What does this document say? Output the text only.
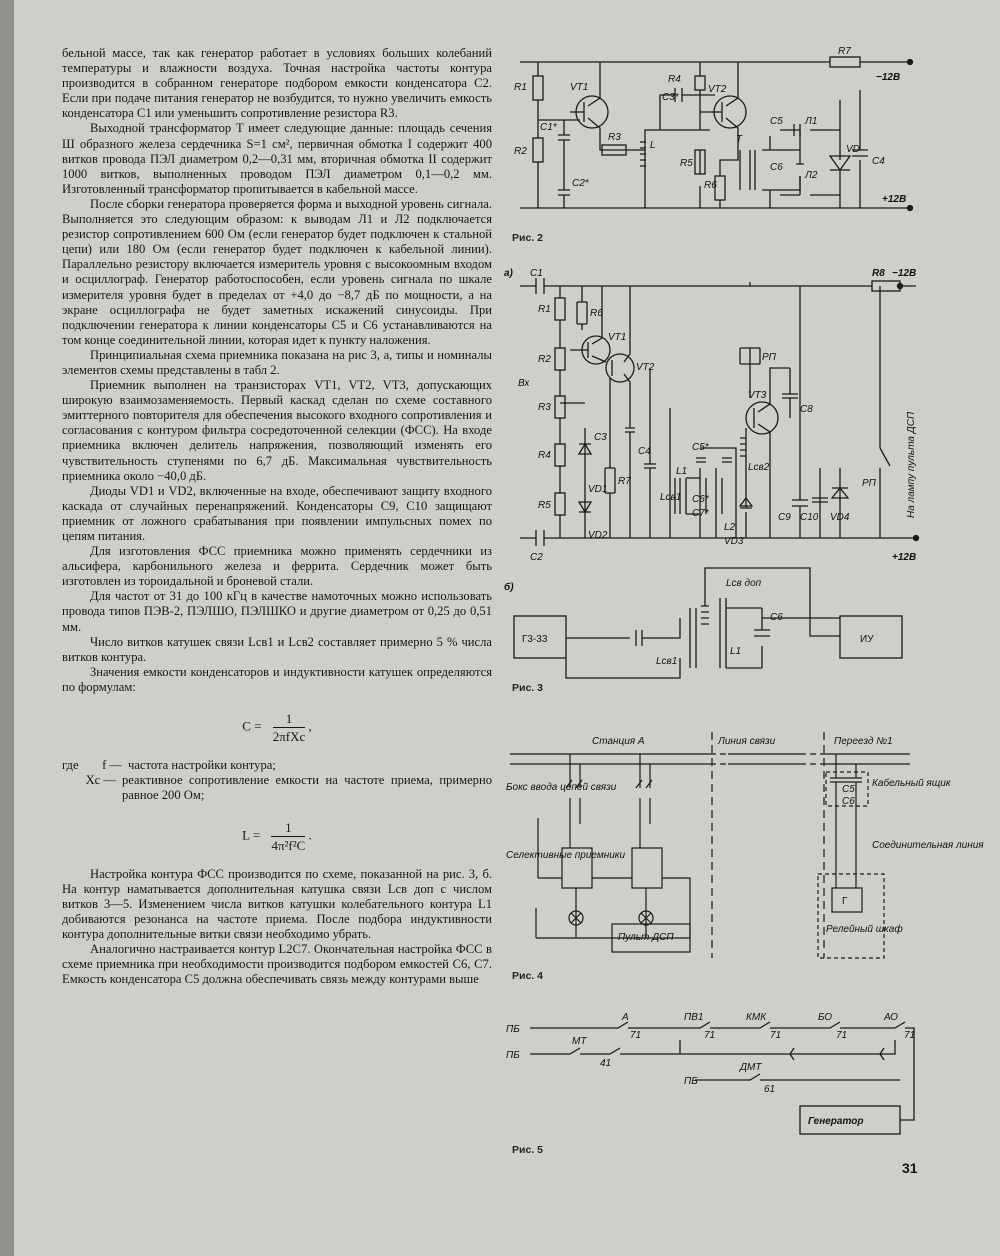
бельной массе, так как генератор работает в условиях больших колебаний температуры и влажности воздуха. Точная настройка частоты контура производится в собранном генераторе подбором емкости конденсатора C2. Если при подаче питания генератор не возбудится, то нужно увеличить емкость конденсатора C1 или уменьшить сопротивление резистора R3.

Выходной трансформатор T имеет следующие данные: площадь сечения Ш образного железа сердечника S=1 см², первичная обмотка I содержит 400 витков провода ПЭЛ диаметром 0,2—0,31 мм, вторичная обмотка II содержит 1000 витков, выполненных проводом ПЭЛ диаметром 0,1—0,2 мм. Изготовленный трансформатор пропитывается в кабельной массе.

После сборки генератора проверяется форма и выходной уровень сигнала. Выполняется это следующим образом: к выводам Л1 и Л2 подключается резистор сопротивлением 600 Ом (если генератор будет подключен к стальной цепи) или 180 Ом (если генератор будет подключен к кабельной линии). Параллельно резистору включается измеритель уровня с высокоомным входом и осциллограф. Генератор работоспособен, если уровень сигнала по шкале измерителя уровня будет в пределах от +4,0 до −8,7 дБ по мощности, а на экране осциллографа не будет заметных искажений синусоиды. При подключении генератора к линии конденсаторы C5 и C6 устанавливаются на том конце соединительной линии, которая идет к пункту наложения.

Принципиальная схема приемника показана на рис 3, а, типы и номиналы элементов схемы представлены в табл 2.

Приемник выполнен на транзисторах VT1, VT2, VT3, допускающих широкую взаимозаменяемость. Первый каскад сделан по схеме составного эмиттерного повторителя для обеспечения высокого входного сопротивления и согласования с контуром фильтра сосредоточенной селекции (ФСС). На входе приемника включен делитель напряжения, позволяющий изменять его чувствительность ступенями по 6,7 дБ. Максимальная чувствительность приемника около −40,0 дБ.

Диоды VD1 и VD2, включенные на входе, обеспечивают защиту входного каскада от случайных перенапряжений. Конденсаторы C9, C10 защищают приемник от ложного срабатывания при появлении импульсных помех по цепям питания.

Для изготовления ФСС приемника можно применять сердечники из альсифера, карбонильного железа и феррита. Сердечник может быть изготовлен из тороидальной и броневой стали.

Для частот от 31 до 100 кГц в качестве намоточных можно использовать провода типов ПЭВ-2, ПЭЛШО, ПЭЛШКО и другие диаметром от 0,25 до 0,51 мм.

Число витков катушек связи Lсв1 и Lсв2 составляет примерно 5 % числа витков контура.

Значения емкости конденсаторов и индуктивности катушек определяются по формулам:

$C = \frac{1}{\text{2πfXc}}$ ,
где	f — частота настройки контура;
Xc — реактивное сопротивление емкости на частоте приема, примерно равное 200 Ом;
$L = \frac{1}{\text{4π²f²C}}$ .

Настройка контура ФСС производится по схеме, показанной на рис. 3, б. На контур наматывается дополнительная катушка связи Lсв доп с числом витков 3—5. Изменением числа витков катушки колебательного контура L1 добиваются резонанса на частоте приема. После подбора индуктивности контура дополнительные витки связи необходимо убрать.

Аналогично настраивается контур L2C7. Окончательная настройка ФСС в схеме приемника при необходимости производится подбором емкостей C6, C7. Емкость конденсатора C5 должна обеспечивать связь между контурами выше

R1
R2
C1*
C2*
VT1
R3
L
R4
C3*
VT2
R5
R6
T
C5
C6
Л1
Л2
VD
C4
R7
−12В
+12В
Рис. 2
а) C1
C2
R1
R2
R3
R4
R5
Вх
R6
VT1
VT2
C3
VD1
VD2
R7
C4
Lсв1
L1
C5*
C6*
C7*
L2
Lсв2
РП
VT3
C8
VD3
C9 C10 VD4
РП
R8 −12В
+12В
На лампу пульта ДСП
б)
Г3-33	ИУ
Lсв доп
Lсв1
L1
C6
Рис. 3
Станция А	Линия связи	Переезд №1
Бокс ввода цепей связи
Селективные приемники
Пульт ДСП
Кабельный ящик
C5
C6
Соединительная линия
Г
Релейный шкаф
Рис. 4
ПБ
ПБ
ПБ
А	ПВ1	КМК	БО	АО
71	71	71	71	71
МТ
41	ДМТ
61
Генератор
Рис. 5
31
